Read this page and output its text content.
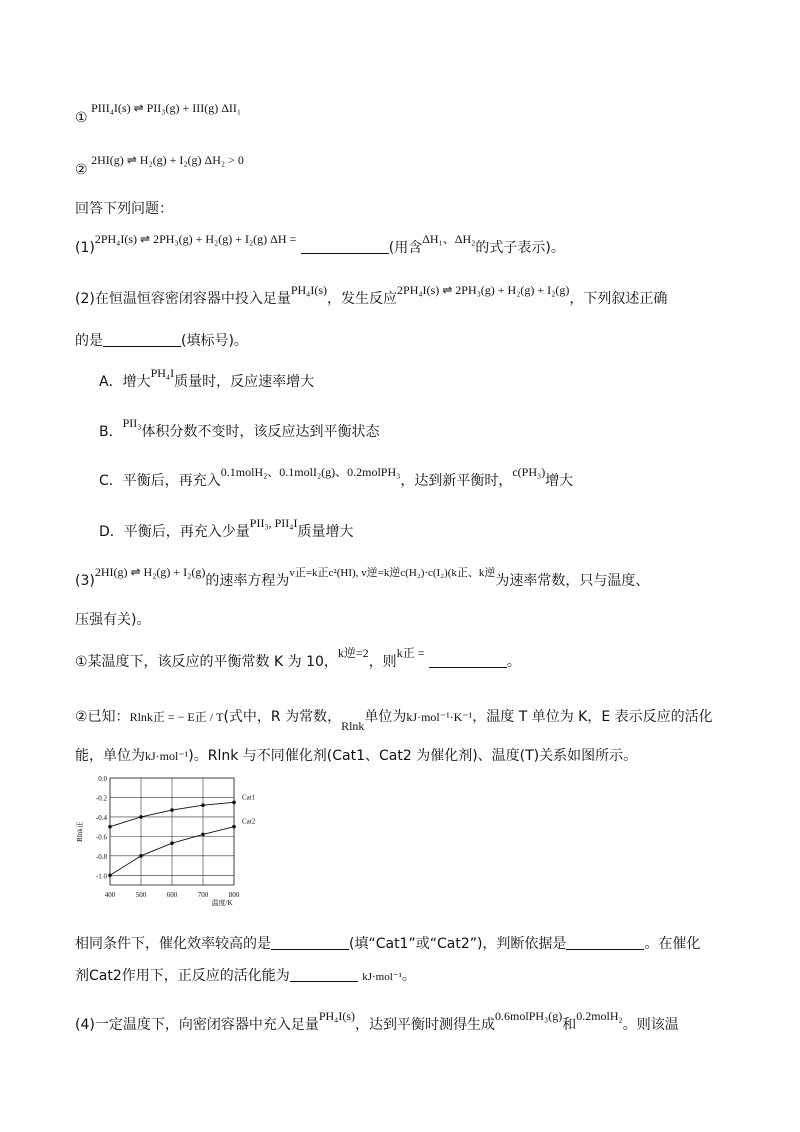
① PIII₄I(s) ⇌ PII₃(g) + III(g) ΔII₁
② 2HI(g) ⇌ H₂(g) + I₂(g) ΔH₂ > 0
回答下列问题：
(1)2PH₄I(s) ⇌ 2PH₃(g) + H₂(g) + I₂(g) ΔH = (用含ΔH₁、ΔH₂的式子表示)。
(2)在恒温恒容密闭容器中投入足量PH₄I(s)，发生反应2PH₄I(s) ⇌ 2PH₃(g) + H₂(g) + I₂(g)，下列叙述正确
的是	(填标号)。
A．增大PH₄I质量时，反应速率增大
B．PII₃体积分数不变时，该反应达到平衡状态
C．平衡后，再充入0.1molH₂、0.1molI₂(g)、0.2molPH₃，达到新平衡时，c(PH₃)增大
D．平衡后，再充入少量PII₃, PII₄I质量增大
(3)2HI(g) ⇌ H₂(g) + I₂(g)的速率方程为$^{v正=k正c^2(HI), v逆=k逆c(H_2)\cdot c(I_2)(k正、k逆}$为速率常数，只与温度、
压强有关)。
①某温度下，该反应的平衡常数 K 为 10，k逆=2，则k正 = 。
②已知：Rlnk正 = − E正 / T(式中，R 为常数，Rlnk单位为kJ·mol⁻¹·K⁻¹，温度 T 单位为 K，E 表示反应的活化
能，单位为kJ·mol⁻¹)。Rlnk 与不同催化剂(Cat1、Cat2 为催化剂)、温度(T)关系如图所示。
0.0
-0.2
-0.4
-0.6
-0.8
-1.0
400	500	600	700	800
温度/K
Rlnk正
Cat1
Cat2
相同条件下，催化效率较高的是	(填“Cat1”或“Cat2”)，判断依据是	。在催化
剂Cat2作用下，正反应的活化能为	kJ·mol⁻¹。
(4)一定温度下，向密闭容器中充入足量PH₄I(s)，达到平衡时测得生成0.6molPH₃(g)和0.2molH₂。则该温
